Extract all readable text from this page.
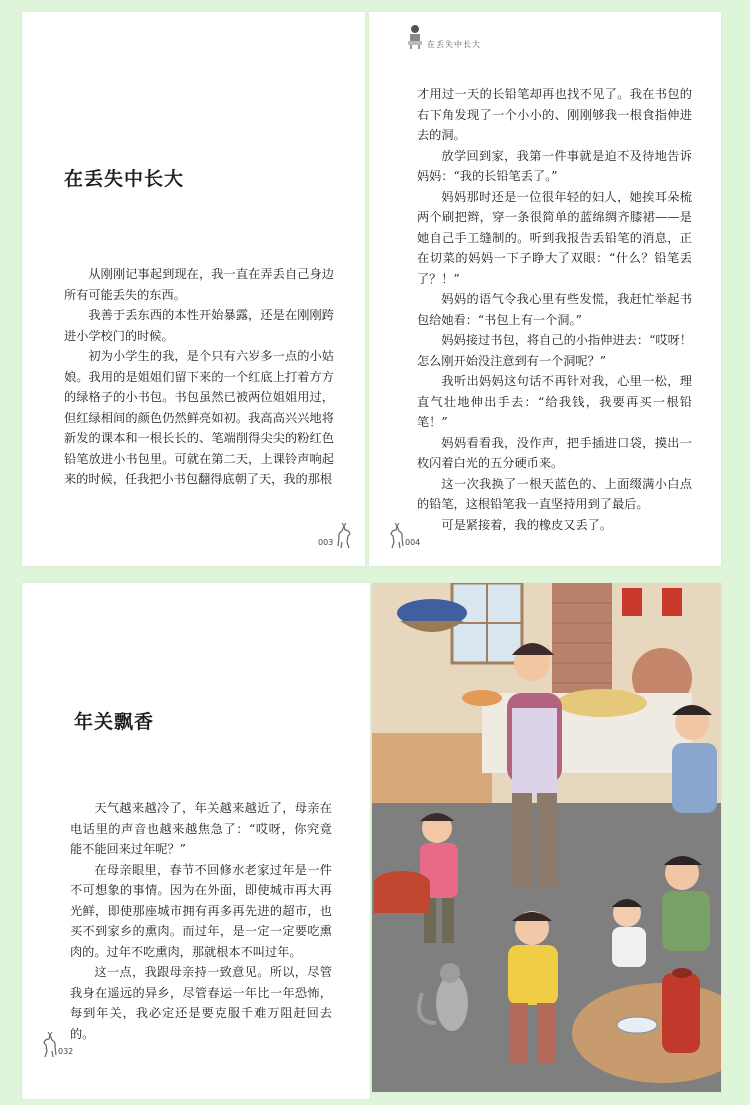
在丢失中长大

从刚刚记事起到现在，我一直在弄丢自己身边所有可能丢失的东西。

我善于丢东西的本性开始暴露，还是在刚刚跨进小学校门的时候。

初为小学生的我，是个只有六岁多一点的小姑娘。我用的是姐姐们留下来的一个红底上打着方方的绿格子的小书包。书包虽然已被两位姐姐用过，但红绿相间的颜色仍然鲜亮如初。我高高兴兴地将新发的课本和一根长长的、笔端削得尖尖的粉红色铅笔放进小书包里。可就在第二天，上课铃声响起来的时候，任我把小书包翻得底朝了天，我的那根

003
在丢失中长大

才用过一天的长铅笔却再也找不见了。我在书包的右下角发现了一个小小的、刚刚够我一根食指伸进去的洞。

放学回到家，我第一件事就是迫不及待地告诉妈妈：“我的长铅笔丢了。”

妈妈那时还是一位很年轻的妇人，她挨耳朵梳两个刷把辫，穿一条很简单的蓝绵绸齐膝裙——是她自己手工缝制的。听到我报告丢铅笔的消息，正在切菜的妈妈一下子睁大了双眼：“什么？铅笔丢了？！”

妈妈的语气令我心里有些发慌，我赶忙举起书包给她看：“书包上有一个洞。”

妈妈接过书包，将自己的小指伸进去：“哎呀！怎么刚开始没注意到有一个洞呢？”

我听出妈妈这句话不再针对我，心里一松，理直气壮地伸出手去：“给我钱，我要再买一根铅笔！”

妈妈看看我，没作声，把手插进口袋，摸出一枚闪着白光的五分硬币来。

这一次我换了一根天蓝色的、上面缀满小白点的铅笔，这根铅笔我一直坚持用到了最后。

可是紧接着，我的橡皮又丢了。

004
年关飘香

天气越来越冷了，年关越来越近了，母亲在电话里的声音也越来越焦急了：“哎呀，你究竟能不能回来过年呢？”

在母亲眼里，春节不回修水老家过年是一件不可想象的事情。因为在外面，即使城市再大再光鲜，即使那座城市拥有再多再先进的超市，也买不到家乡的熏肉。而过年，是一定一定要吃熏肉的。过年不吃熏肉，那就根本不叫过年。

这一点，我跟母亲持一致意见。所以，尽管我身在遥远的异乡，尽管春运一年比一年恐怖，每到年关，我必定还是要克服千难万阻赶回去的。

032
